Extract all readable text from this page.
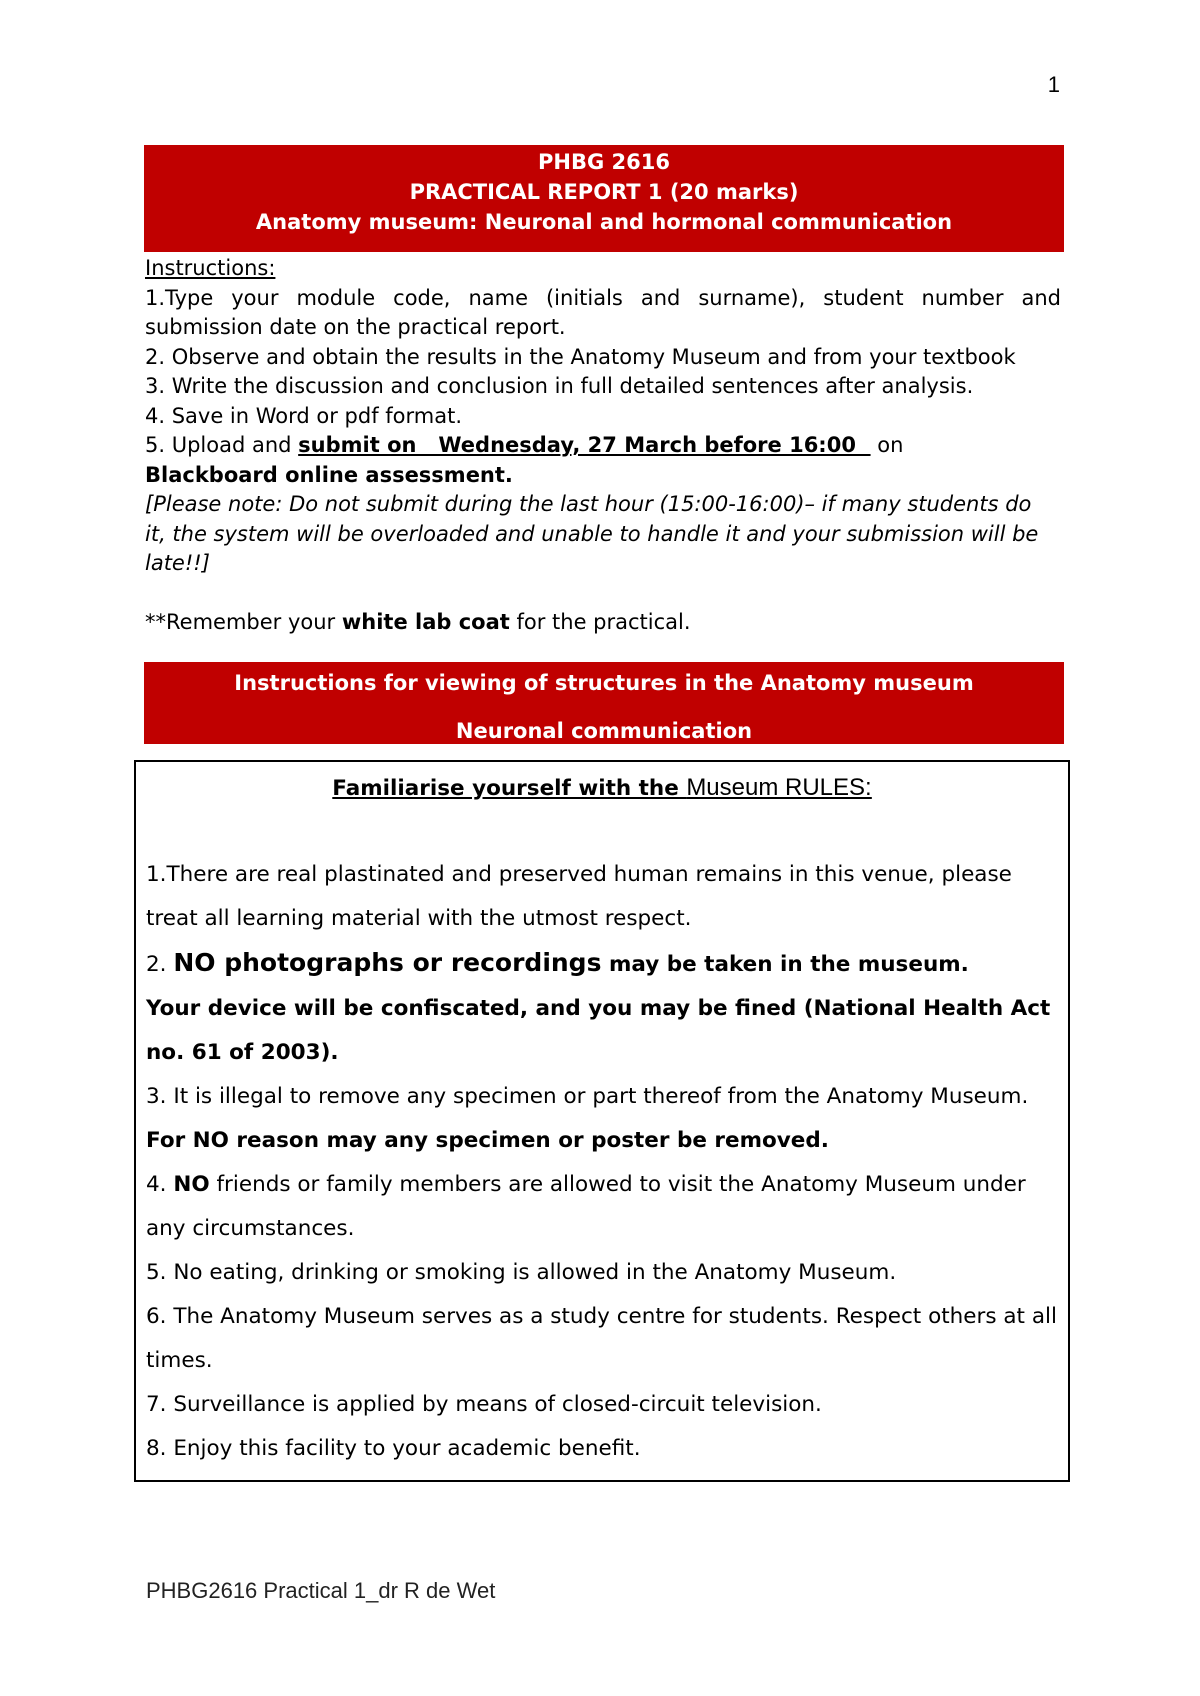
1
PHBG 2616
PRACTICAL REPORT 1 (20 marks)
Anatomy museum: Neuronal and hormonal communication

Instructions:

1.Type your module code, name (initials and surname), student number and

submission date on the practical report.

2. Observe and obtain the results in the Anatomy Museum and from your textbook

3. Write the discussion and conclusion in full detailed sentences after analysis.

4. Save in Word or pdf format.

5. Upload and submit on   Wednesday, 27 March before 16:00   on

Blackboard online assessment.

[Please note: Do not submit during the last hour (15:00-16:00)– if many students do

it, the system will be overloaded and unable to handle it and your submission will be

late!!]

**Remember your white lab coat for the practical.

Instructions for viewing of structures in the Anatomy museum
Neuronal communication

Familiarise yourself with the Museum RULES:

1.There are real plastinated and preserved human remains in this venue, please

treat all learning material with the utmost respect.

2. NO photographs or recordings may be taken in the museum.

Your device will be confiscated, and you may be fined (National Health Act

no. 61 of 2003).

3. It is illegal to remove any specimen or part thereof from the Anatomy Museum.

For NO reason may any specimen or poster be removed.

4. NO friends or family members are allowed to visit the Anatomy Museum under

any circumstances.

5. No eating, drinking or smoking is allowed in the Anatomy Museum.

6. The Anatomy Museum serves as a study centre for students. Respect others at all

times.

7. Surveillance is applied by means of closed-circuit television.

8. Enjoy this facility to your academic benefit.

PHBG2616 Practical 1_dr R de Wet
